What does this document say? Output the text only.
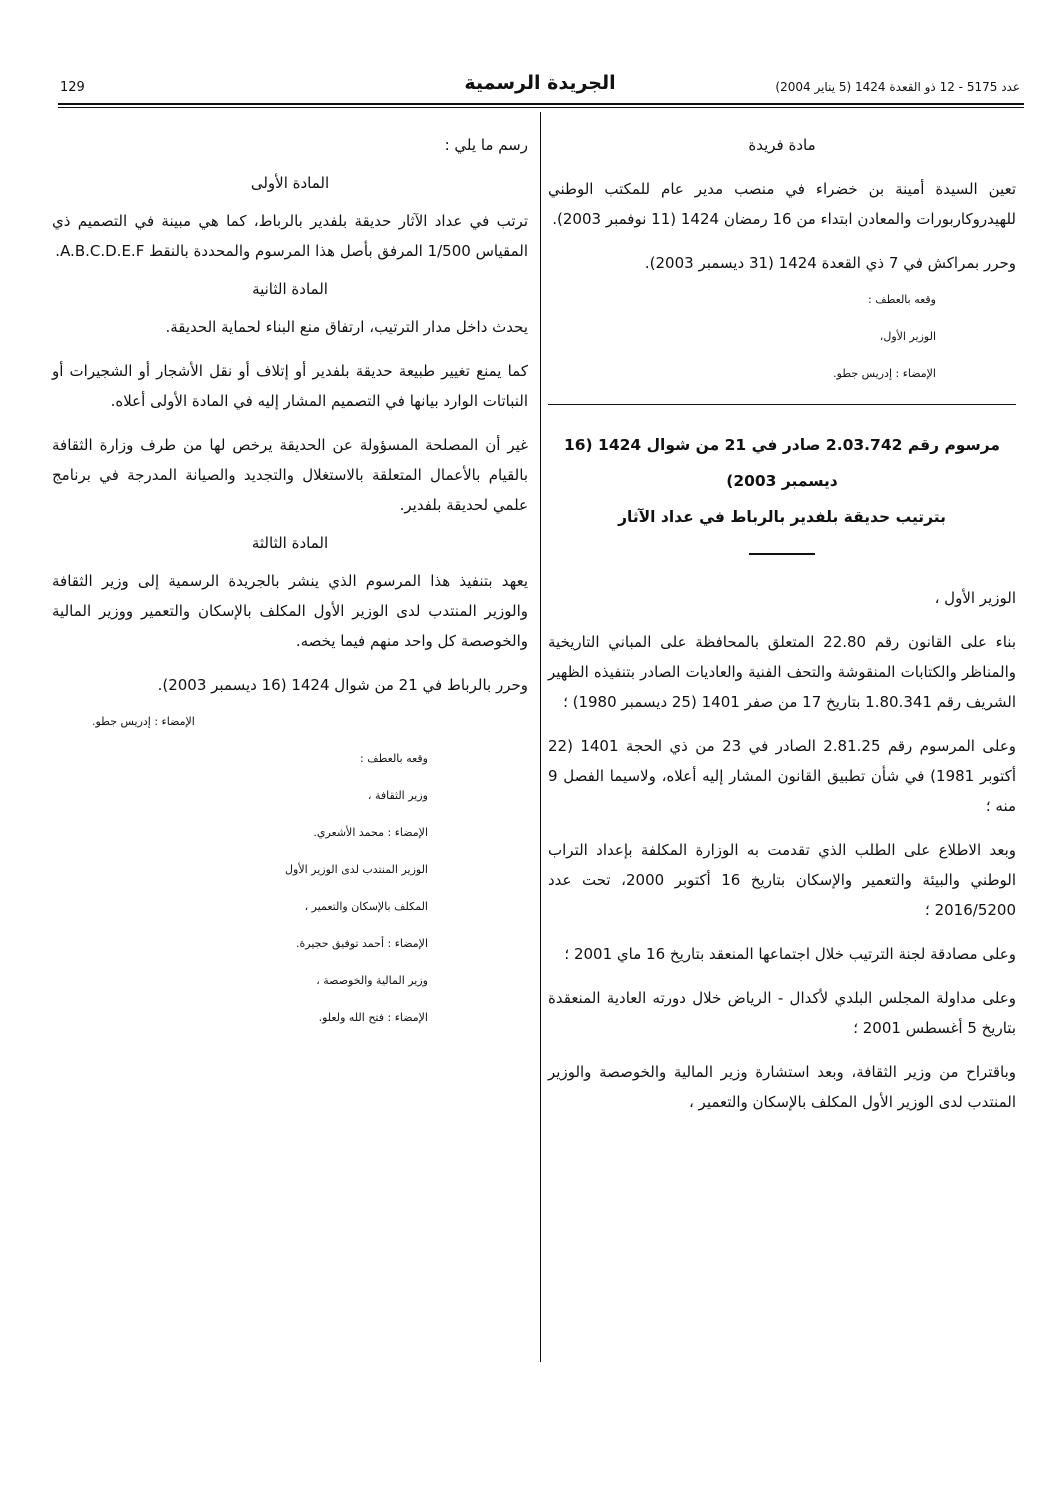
عدد 5175 - 12 ذو القعدة 1424 (5 يناير 2004)
الجريدة الرسمية
129

مادة فريدة

تعين السيدة أمينة بن خضراء في منصب مدير عام للمكتب الوطني للهيدروكاربورات والمعادن ابتداء من 16 رمضان 1424 (11 نوفمبر 2003).

وحرر بمراكش في 7 ذي القعدة 1424 (31 ديسمبر 2003).

وقعه بالعطف :

الوزير الأول،

الإمضاء : إدريس جطو.

مرسوم رقم 2.03.742 صادر في 21 من شوال 1424 (16 ديسمبر 2003)

بترتيب حديقة بلفدير بالرباط في عداد الآثار

الوزير الأول ،

بناء على القانون رقم 22.80 المتعلق بالمحافظة على المباني التاريخية والمناظر والكتابات المنقوشة والتحف الفنية والعاديات الصادر بتنفيذه الظهير الشريف رقم 1.80.341 بتاريخ 17 من صفر 1401 (25 ديسمبر 1980) ؛

وعلى المرسوم رقم 2.81.25 الصادر في 23 من ذي الحجة 1401 (22 أكتوبر 1981) في شأن تطبيق القانون المشار إليه أعلاه، ولاسيما الفصل 9 منه ؛

وبعد الاطلاع على الطلب الذي تقدمت به الوزارة المكلفة بإعداد التراب الوطني والبيئة والتعمير والإسكان بتاريخ 16 أكتوبر 2000، تحت عدد 2016/5200 ؛

وعلى مصادقة لجنة الترتيب خلال اجتماعها المنعقد بتاريخ 16 ماي 2001 ؛

وعلى مداولة المجلس البلدي لأكدال - الرياض خلال دورته العادية المنعقدة بتاريخ 5 أغسطس 2001 ؛

وباقتراح من وزير الثقافة، وبعد استشارة وزير المالية والخوصصة والوزير المنتدب لدى الوزير الأول المكلف بالإسكان والتعمير ،

رسم ما يلي :

المادة الأولى

ترتب في عداد الآثار حديقة بلفدير بالرباط، كما هي مبينة في التصميم ذي المقياس 1/500 المرفق بأصل هذا المرسوم والمحددة بالنقط A.B.C.D.E.F.

المادة الثانية

يحدث داخل مدار الترتيب، ارتفاق منع البناء لحماية الحديقة.

كما يمنع تغيير طبيعة حديقة بلفدير أو إتلاف أو نقل الأشجار أو الشجيرات أو النباتات الوارد بيانها في التصميم المشار إليه في المادة الأولى أعلاه.

غير أن المصلحة المسؤولة عن الحديقة يرخص لها من طرف وزارة الثقافة بالقيام بالأعمال المتعلقة بالاستغلال والتجديد والصيانة المدرجة في برنامج علمي لحديقة بلفدير.

المادة الثالثة

يعهد بتنفيذ هذا المرسوم الذي ينشر بالجريدة الرسمية إلى وزير الثقافة والوزير المنتدب لدى الوزير الأول المكلف بالإسكان والتعمير ووزير المالية والخوصصة كل واحد منهم فيما يخصه.

وحرر بالرباط في 21 من شوال 1424 (16 ديسمبر 2003).

الإمضاء : إدريس جطو.

وقعه بالعطف :

وزير الثقافة ،

الإمضاء : محمد الأشعري.

الوزير المنتدب لدى الوزير الأول

المكلف بالإسكان والتعمير ،

الإمضاء : أحمد توفيق حجيرة.

وزير المالية والخوصصة ،

الإمضاء : فتح الله ولعلو.
